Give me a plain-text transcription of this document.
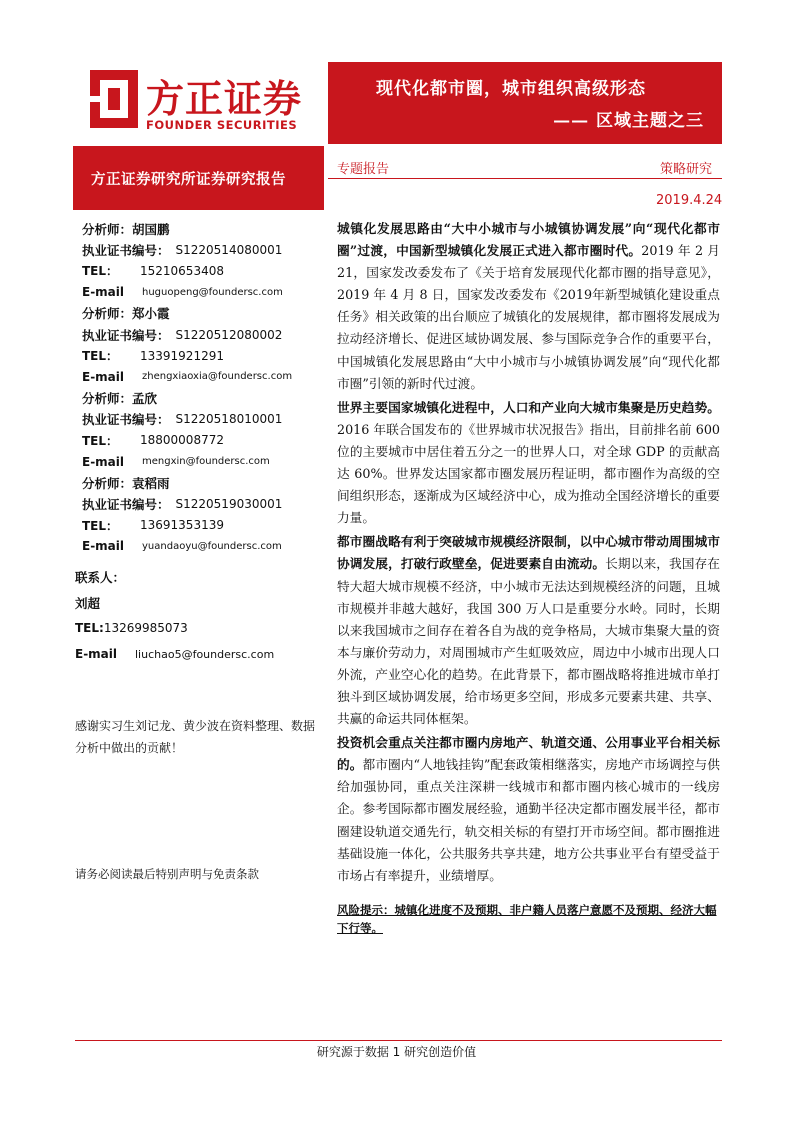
方正证券
FOUNDER SECURITIES
现代化都市圈，城市组织高级形态
—— 区域主题之三
方正证券研究所证券研究报告
专题报告	策略研究
2019.4.24
分析师： 胡国鹏
执业证书编号： S1220514080001
TEL：	15210653408
E-mail	huguopeng@foundersc.com
分析师： 郑小霞
执业证书编号： S1220512080002
TEL：	13391921291
E-mail	zhengxiaoxia@foundersc.com
分析师： 孟欣
执业证书编号： S1220518010001
TEL：	18800008772
E-mail	mengxin@foundersc.com
分析师： 袁稻雨
执业证书编号： S1220519030001
TEL：	13691353139
E-mail	yuandaoyu@foundersc.com
联系人：
刘超
TEL:13269985073
E-mail liuchao5@foundersc.com
感谢实习生刘记龙、黄少波在资料整理、数据分析中做出的贡献！
请务必阅读最后特别声明与免责条款

城镇化发展思路由“大中小城市与小城镇协调发展”向“现代化都市圈”过渡，中国新型城镇化发展正式进入都市圈时代。2019 年 2 月 21，国家发改委发布了《关于培育发展现代化都市圈的指导意见》， 2019 年 4 月 8 日，国家发改委发布《2019年新型城镇化建设重点任务》相关政策的出台顺应了城镇化的发展规律，都市圈将发展成为拉动经济增长、促进区域协调发展、参与国际竞争合作的重要平台，中国城镇化发展思路由“大中小城市与小城镇协调发展”向“现代化都市圈”引领的新时代过渡。

世界主要国家城镇化进程中，人口和产业向大城市集聚是历史趋势。2016 年联合国发布的《世界城市状况报告》指出，目前排名前 600 位的主要城市中居住着五分之一的世界人口，对全球 GDP 的贡献高达 60%。世界发达国家都市圈发展历程证明，都市圈作为高级的空间组织形态，逐渐成为区域经济中心，成为推动全国经济增长的重要力量。

都市圈战略有利于突破城市规模经济限制，以中心城市带动周围城市协调发展，打破行政壁垒，促进要素自由流动。长期以来，我国存在特大超大城市规模不经济，中小城市无法达到规模经济的问题，且城市规模并非越大越好，我国 300 万人口是重要分水岭。同时，长期以来我国城市之间存在着各自为战的竞争格局，大城市集聚大量的资本与廉价劳动力，对周围城市产生虹吸效应，周边中小城市出现人口外流，产业空心化的趋势。在此背景下，都市圈战略将推进城市单打独斗到区域协调发展，给市场更多空间，形成多元要素共建、共享、共赢的命运共同体框架。

投资机会重点关注都市圈内房地产、轨道交通、公用事业平台相关标的。都市圈内“人地钱挂钩”配套政策相继落实，房地产市场调控与供给加强协同，重点关注深耕一线城市和都市圈内核心城市的一线房企。参考国际都市圈发展经验，通勤半径决定都市圈发展半径，都市圈建设轨道交通先行，轨交相关标的有望打开市场空间。都市圈推进基础设施一体化，公共服务共享共建，地方公共事业平台有望受益于市场占有率提升，业绩增厚。

风险提示：城镇化进度不及预期、非户籍人员落户意愿不及预期、经济大幅下行等。
研究源于数据 1 研究创造价值
